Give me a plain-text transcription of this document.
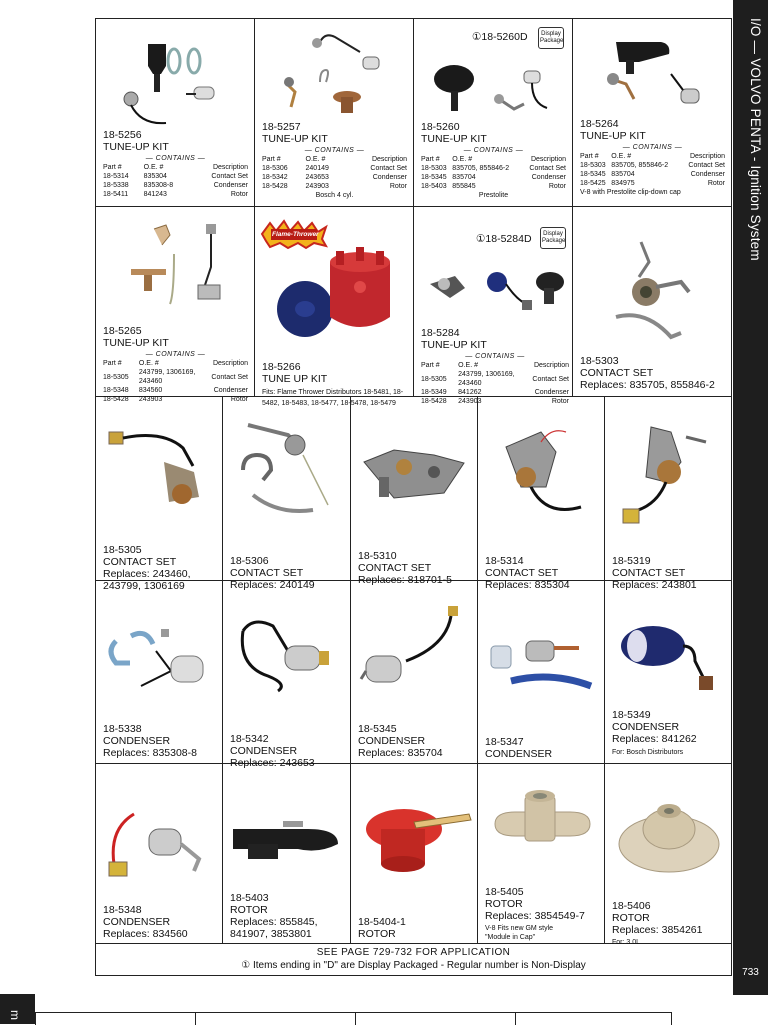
I/O — VOLVO PENTA - Ignition System
733
18-5256
TUNE-UP KIT
— CONTAINS —
Part #	O.E. #	Description
18-5314	835304	Contact Set
18-5338	835308-8	Condenser
18-5411	841243	Rotor
18-5257
TUNE-UP KIT
— CONTAINS —
Part #	O.E. #	Description
18-5306	240149	Contact Set
18-5342	243653	Condenser
18-5428	243903	Rotor
Bosch 4 cyl.
①18-5260D	Display Package
18-5260
TUNE-UP KIT
— CONTAINS —
Part #	O.E. #	Description
18-5303	835705, 855846-2	Contact Set
18-5345	835704	Condenser
18-5403	855845	Rotor
Prestolite
18-5264
TUNE-UP KIT
— CONTAINS —
Part #	O.E. #	Description
18-5303	835705, 855846-2	Contact Set
18-5345	835704	Condenser
18-5425	834975	Rotor
V-8 with Prestolite clip-down cap
18-5265
TUNE-UP KIT
— CONTAINS —
Part #	O.E. #	Description
18-5305	243799, 1306169, 243460	Contact Set
18-5348	834560	Condenser
18-5428	243903	Rotor
Flame-Thrower
18-5266
TUNE UP KIT
Fits: Flame Thrower Distributors 18-5481, 18-5482, 18-5483, 18-5477, 18-5478, 18-5479
①18-5284D	Display Package
18-5284
TUNE-UP KIT
— CONTAINS —
Part #	O.E. #	Description
18-5305	243799, 1306169, 243460	Contact Set
18-5349	841262	Condenser
18-5428	243903	Rotor
18-5303
CONTACT SET
Replaces: 835705, 855846-2
18-5305
CONTACT SET
Replaces: 243460, 243799, 1306169
18-5306
CONTACT SET
Replaces: 240149
18-5310
CONTACT SET
Replaces: 818701-5
18-5314
CONTACT SET
Replaces: 835304
18-5319
CONTACT SET
Replaces: 243801
18-5338
CONDENSER
Replaces: 835308-8
18-5342
CONDENSER
Replaces: 243653
18-5345
CONDENSER
Replaces: 835704
18-5347
CONDENSER
18-5349
CONDENSER
Replaces: 841262
For: Bosch Distributors
18-5348
CONDENSER
Replaces: 834560
18-5403
ROTOR
Replaces: 855845, 841907, 3853801
18-5404-1
ROTOR
18-5405
ROTOR
Replaces: 3854549-7
V-8 Fits new GM style "Module in Cap"
18-5406
ROTOR
Replaces: 3854261
For: 3.0L
SEE PAGE 729-732 FOR APPLICATION
① Items ending in "D" are Display Packaged - Regular number is Non-Display
m
